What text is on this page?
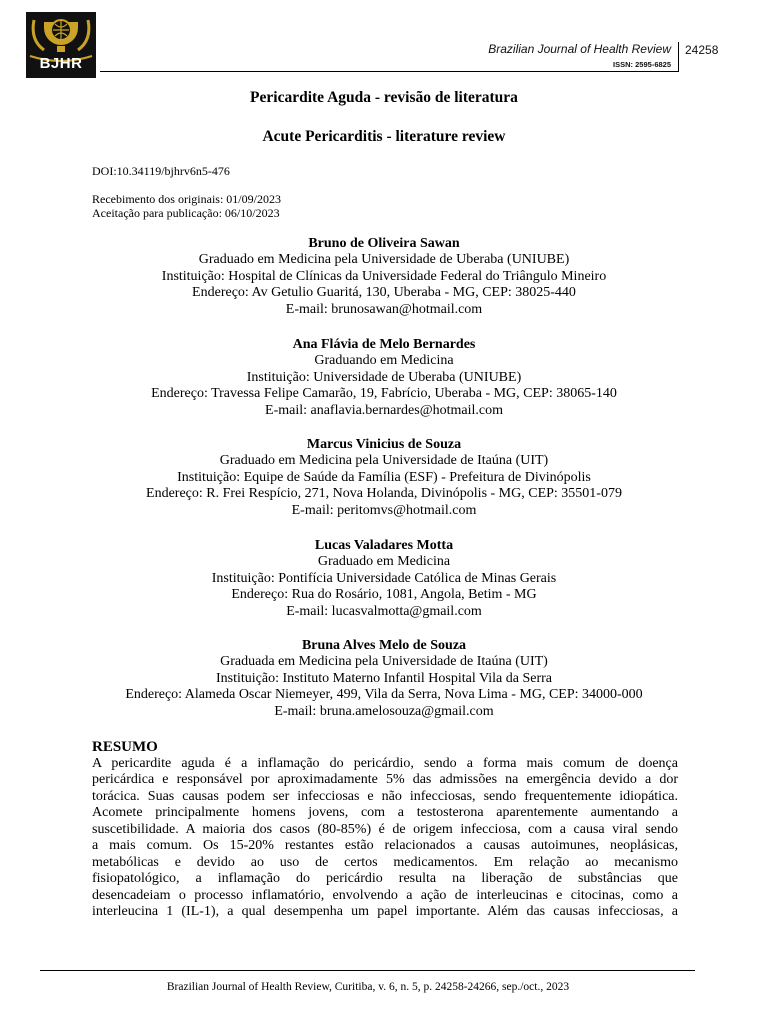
BJHR
Brazilian Journal of Health Review
ISSN: 2595-6825
24258
Pericardite Aguda - revisão de literatura
Acute Pericarditis - literature review
DOI:10.34119/bjhrv6n5-476
Recebimento dos originais: 01/09/2023
Aceitação para publicação: 06/10/2023
Bruno de Oliveira Sawan
Graduado em Medicina pela Universidade de Uberaba (UNIUBE)
Instituição: Hospital de Clínicas da Universidade Federal do Triângulo Mineiro
Endereço: Av Getulio Guaritá, 130, Uberaba - MG, CEP: 38025-440
E-mail: brunosawan@hotmail.com
Ana Flávia de Melo Bernardes
Graduando em Medicina
Instituição: Universidade de Uberaba (UNIUBE)
Endereço: Travessa Felipe Camarão, 19, Fabrício, Uberaba - MG, CEP: 38065-140
E-mail: anaflavia.bernardes@hotmail.com
Marcus Vinicius de Souza
Graduado em Medicina pela Universidade de Itaúna (UIT)
Instituição: Equipe de Saúde da Família (ESF) - Prefeitura de Divinópolis
Endereço: R. Frei Respício, 271, Nova Holanda, Divinópolis - MG, CEP: 35501-079
E-mail: peritomvs@hotmail.com
Lucas Valadares Motta
Graduado em Medicina
Instituição: Pontifícia Universidade Católica de Minas Gerais
Endereço: Rua do Rosário, 1081, Angola, Betim - MG
E-mail: lucasvalmotta@gmail.com
Bruna Alves Melo de Souza
Graduada em Medicina pela Universidade de Itaúna (UIT)
Instituição: Instituto Materno Infantil Hospital Vila da Serra
Endereço: Alameda Oscar Niemeyer, 499, Vila da Serra, Nova Lima - MG, CEP: 34000-000
E-mail: bruna.amelosouza@gmail.com
RESUMO
A pericardite aguda é a inflamação do pericárdio, sendo a forma mais comum de doença
pericárdica e responsável por aproximadamente 5% das admissões na emergência devido a dor
torácica. Suas causas podem ser infecciosas e não infecciosas, sendo frequentemente idiopática.
Acomete principalmente homens jovens, com a testosterona aparentemente aumentando a
suscetibilidade. A maioria dos casos (80-85%) é de origem infecciosa, com a causa viral sendo
a mais comum. Os 15-20% restantes estão relacionados a causas autoimunes, neoplásicas,
metabólicas e devido ao uso de certos medicamentos. Em relação ao mecanismo
fisiopatológico, a inflamação do pericárdio resulta na liberação de substâncias que
desencadeiam o processo inflamatório, envolvendo a ação de interleucinas e citocinas, como a
interleucina 1 (IL-1), a qual desempenha um papel importante. Além das causas infecciosas, a
Brazilian Journal of Health Review, Curitiba, v. 6, n. 5, p. 24258-24266, sep./oct., 2023
